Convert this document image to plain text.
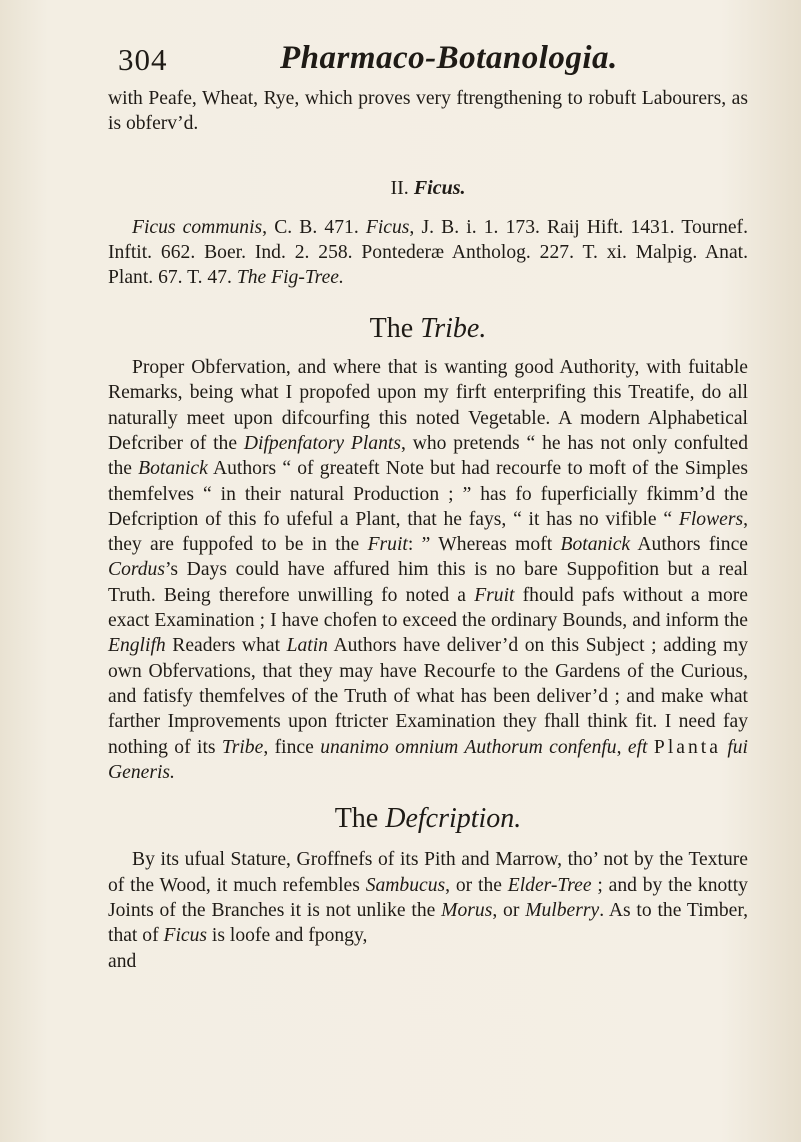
304	Pharmaco-Botanologia.

with Peafe, Wheat, Rye, which proves very ftrengthening to robuft Labourers, as is obferv’d.

II. Ficus.

Ficus communis, C. B. 471. Ficus, J. B. i. 1. 173. Raij Hift. 1431. Tournef. Inftit. 662. Boer. Ind. 2. 258. Pontederæ Antholog. 227. T. xi. Malpig. Anat. Plant. 67. T. 47. The Fig-Tree.

The Tribe.

Proper Obfervation, and where that is wanting good Authority, with fuitable Remarks, being what I propofed upon my firft enterprifing this Treatife, do all naturally meet upon difcourfing this noted Vegetable. A modern Alphabetical Defcriber of the Difpenfatory Plants, who pretends “ he has not only confulted the Botanick Authors “ of greateft Note but had recourfe to moft of the Simples themfelves “ in their natural Production ; ” has fo fuperficially fkimm’d the Defcription of this fo ufeful a Plant, that he fays, “ it has no vifible “ Flowers, they are fuppofed to be in the Fruit: ” Whereas moft Botanick Authors fince Cordus’s Days could have affured him this is no bare Suppofition but a real Truth. Being therefore unwilling fo noted a Fruit fhould pafs without a more exact Examination ; I have chofen to exceed the ordinary Bounds, and inform the Englifh Readers what Latin Authors have deliver’d on this Subject ; adding my own Obfervations, that they may have Recourfe to the Gardens of the Curious, and fatisfy themfelves of the Truth of what has been deliver’d ; and make what farther Improvements upon ftricter Examination they fhall think fit. I need fay nothing of its Tribe, fince unanimo omnium Authorum confenfu, eft Planta fui Generis.

The Defcription.

By its ufual Stature, Groffnefs of its Pith and Marrow, tho’ not by the Texture of the Wood, it much refembles Sambucus, or the Elder-Tree ; and by the knotty Joints of the Branches it is not unlike the Morus, or Mulberry. As to the Timber, that of Ficus is loofe and fpongy,

and
